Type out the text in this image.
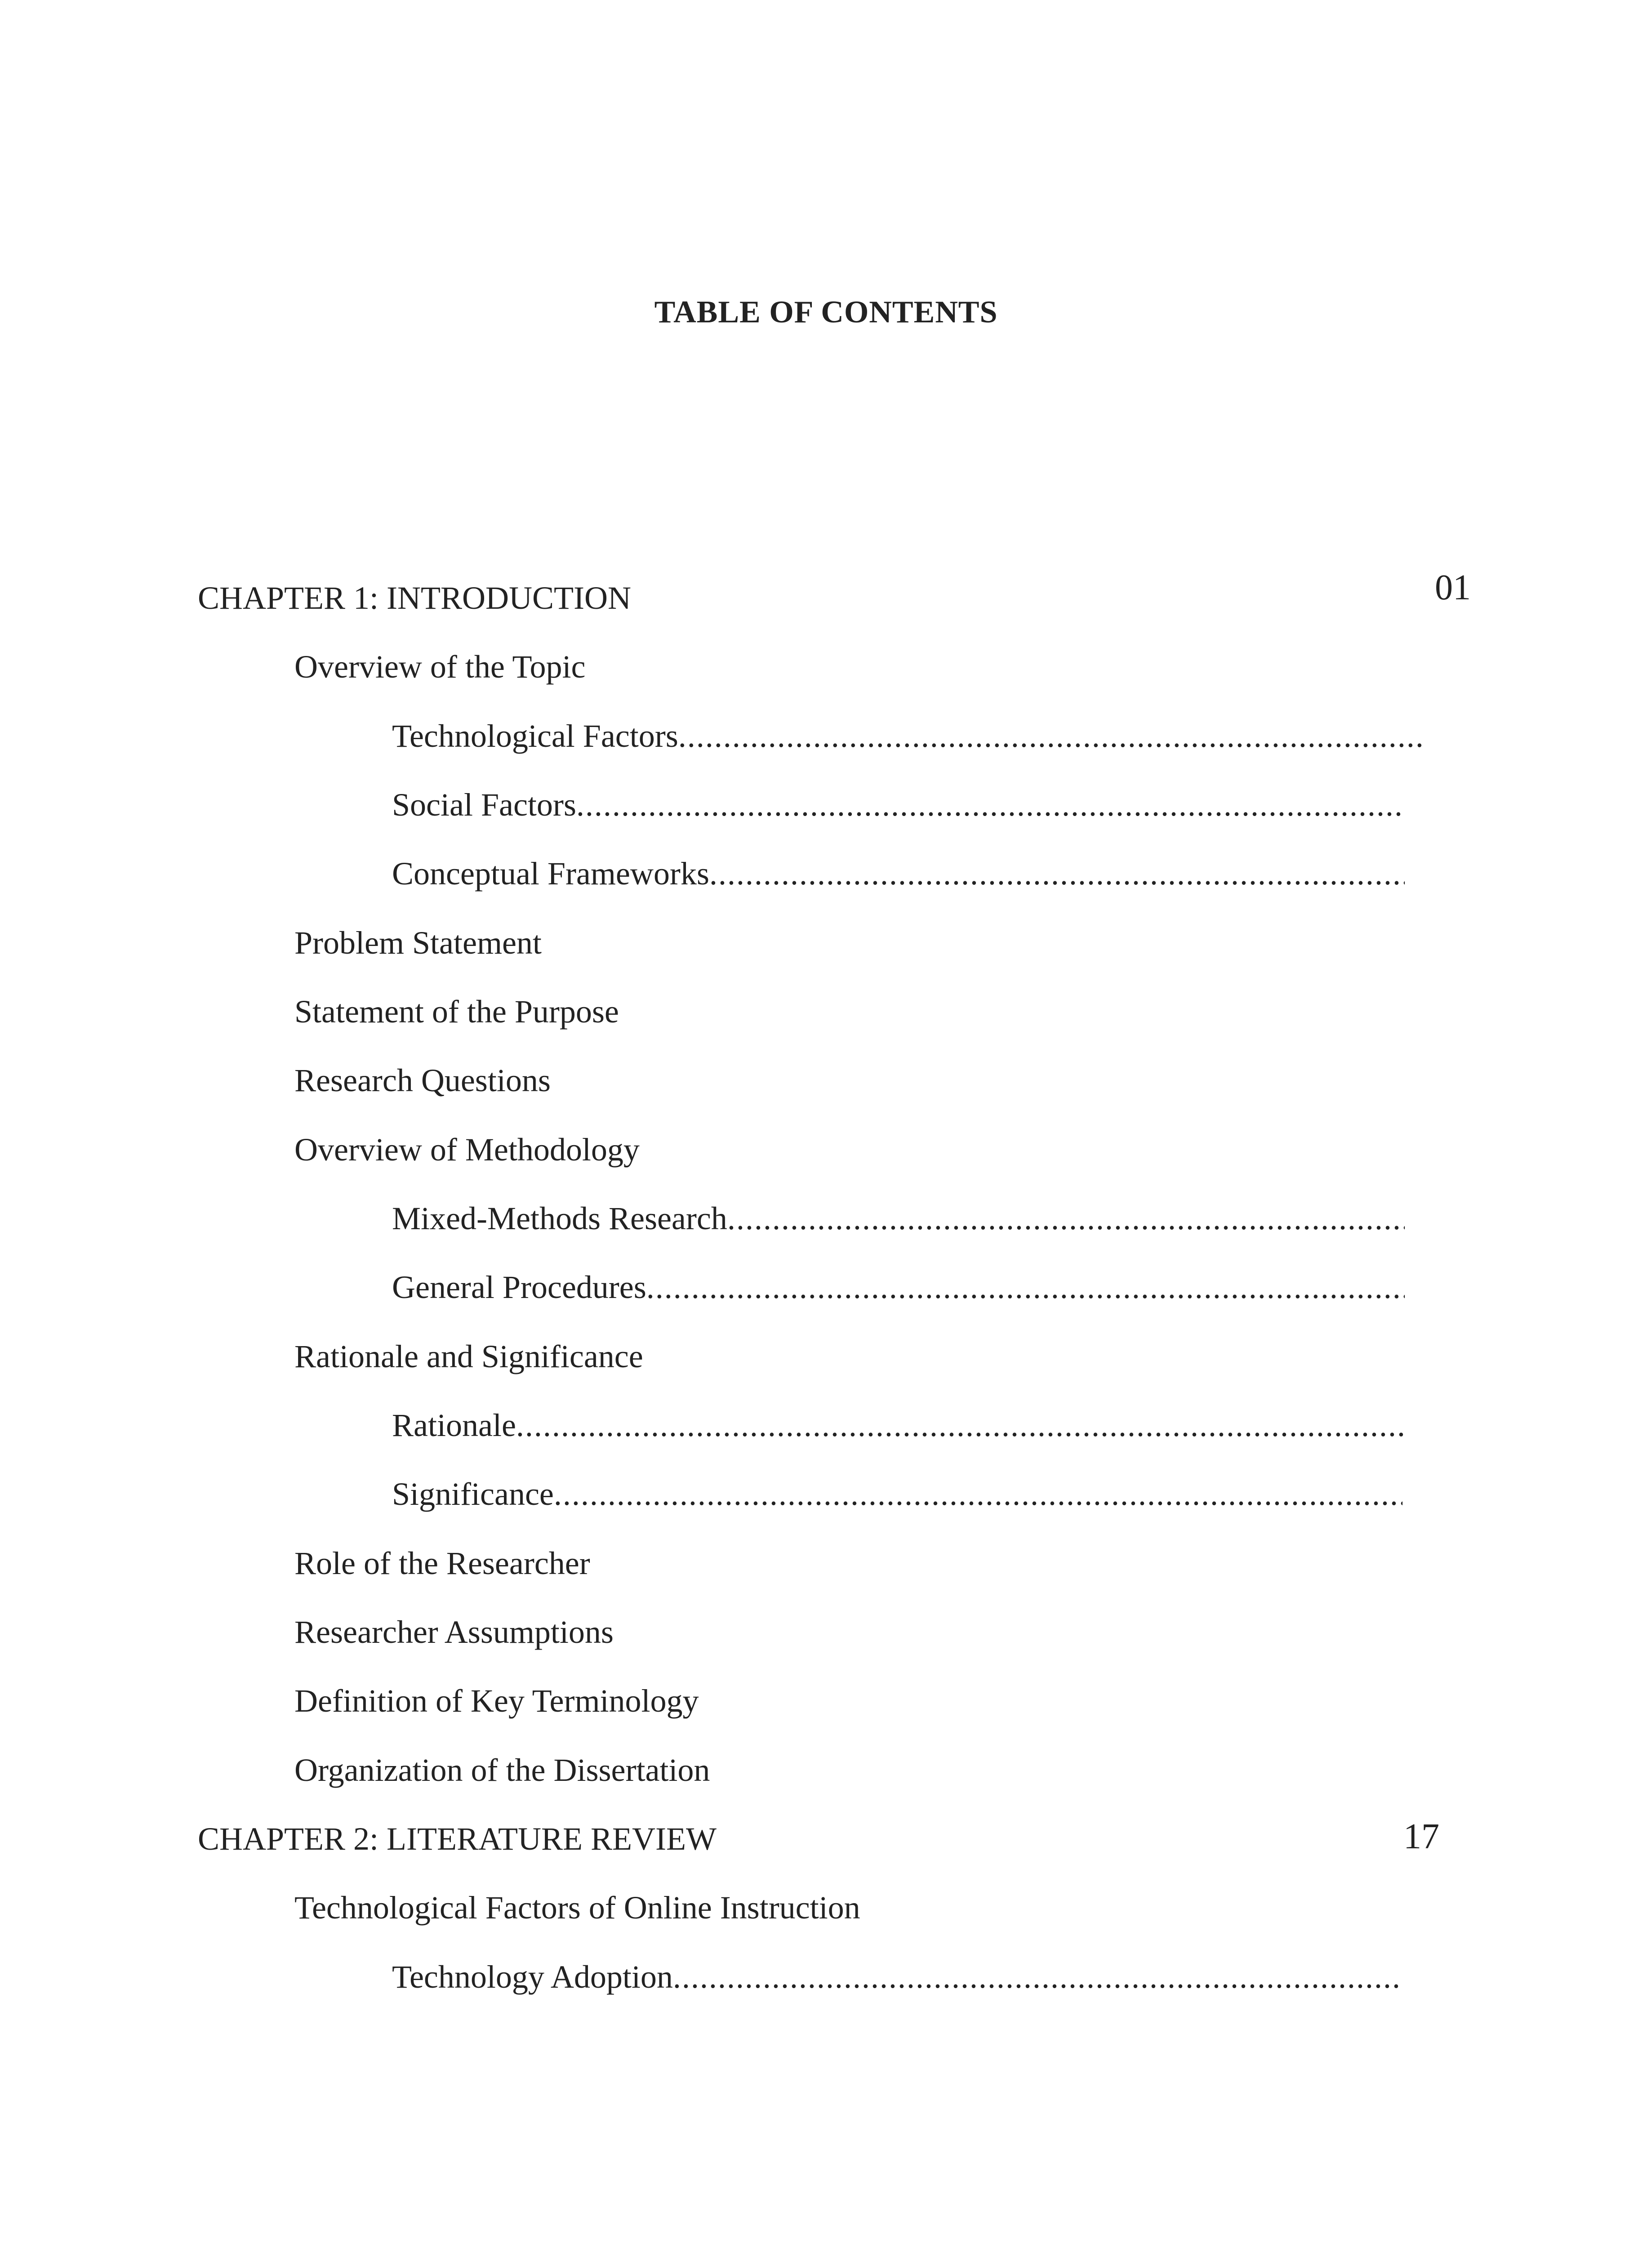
TABLE OF CONTENTS
CHAPTER 1: INTRODUCTION	01
Overview of the Topic
Technological Factors
.....
Social Factors
.....
Conceptual Frameworks
.....
Problem Statement
Statement of the Purpose
Research Questions
Overview of Methodology
Mixed-Methods Research
.....
General Procedures
.....
Rationale and Significance
Rationale
.....
Significance
.....
Role of the Researcher
Researcher Assumptions
Definition of Key Terminology
Organization of the Dissertation
CHAPTER 2: LITERATURE REVIEW	17
Technological Factors of Online Instruction
Technology Adoption
.....
